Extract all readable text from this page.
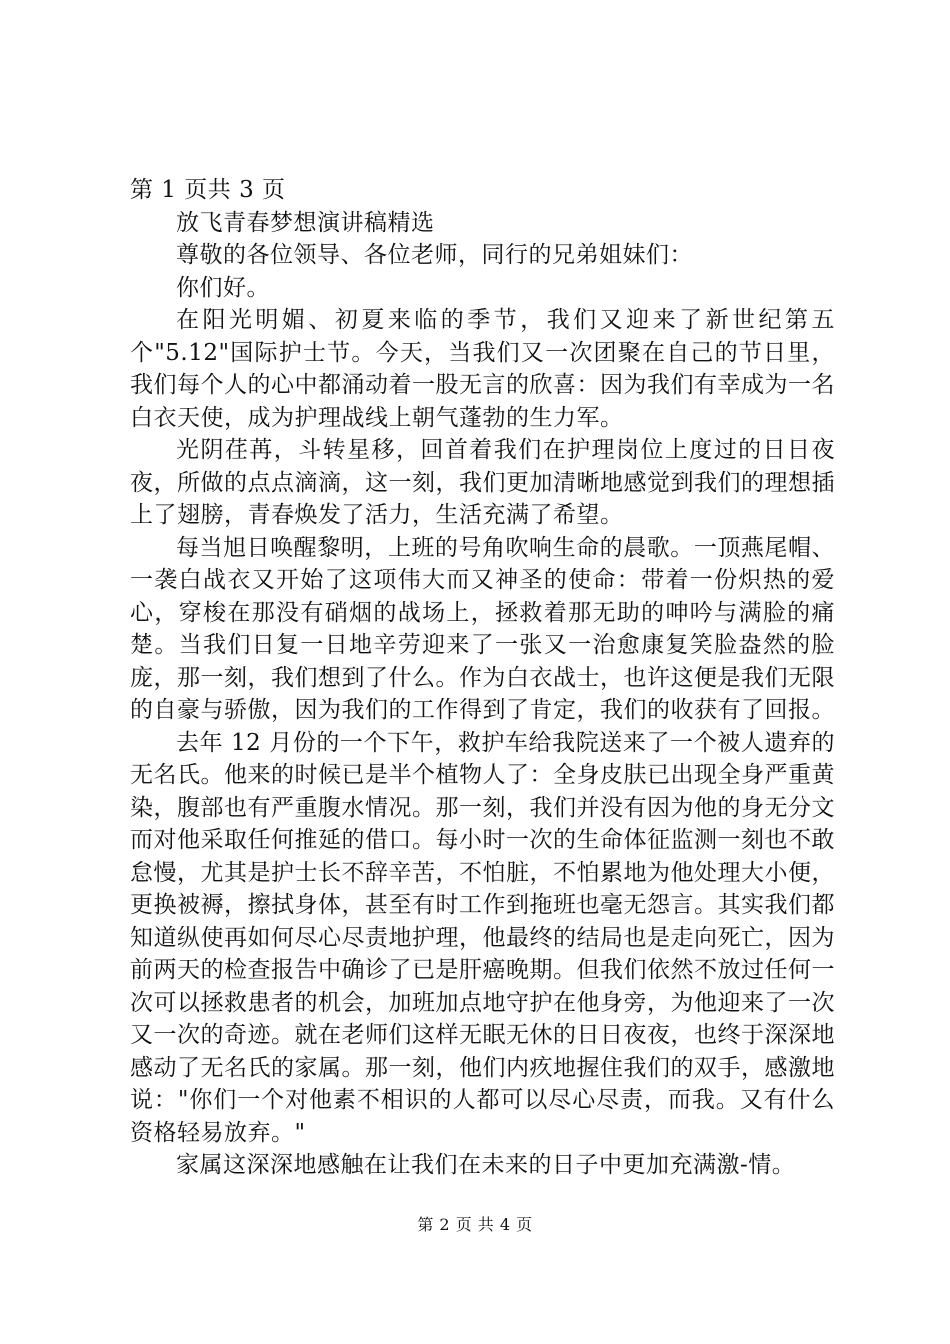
第 1 页共 3 页

放飞青春梦想演讲稿精选

尊敬的各位领导、各位老师，同行的兄弟姐妹们：

你们好。

在阳光明媚、初夏来临的季节，我们又迎来了新世纪第五个"5.12"国际护士节。今天，当我们又一次团聚在自己的节日里，我们每个人的心中都涌动着一股无言的欣喜：因为我们有幸成为一名白衣天使，成为护理战线上朝气蓬勃的生力军。

光阴荏苒，斗转星移，回首着我们在护理岗位上度过的日日夜夜，所做的点点滴滴，这一刻，我们更加清晰地感觉到我们的理想插上了翅膀，青春焕发了活力，生活充满了希望。

每当旭日唤醒黎明，上班的号角吹响生命的晨歌。一顶燕尾帽、一袭白战衣又开始了这项伟大而又神圣的使命：带着一份炽热的爱心，穿梭在那没有硝烟的战场上，拯救着那无助的呻吟与满脸的痛楚。当我们日复一日地辛劳迎来了一张又一治愈康复笑脸盎然的脸庞，那一刻，我们想到了什么。作为白衣战士，也许这便是我们无限的自豪与骄傲，因为我们的工作得到了肯定，我们的收获有了回报。

去年 12 月份的一个下午，救护车给我院送来了一个被人遗弃的无名氏。他来的时候已是半个植物人了：全身皮肤已出现全身严重黄染，腹部也有严重腹水情况。那一刻，我们并没有因为他的身无分文而对他采取任何推延的借口。每小时一次的生命体征监测一刻也不敢怠慢，尤其是护士长不辞辛苦，不怕脏，不怕累地为他处理大小便，更换被褥，擦拭身体，甚至有时工作到拖班也毫无怨言。其实我们都知道纵使再如何尽心尽责地护理，他最终的结局也是走向死亡，因为前两天的检查报告中确诊了已是肝癌晚期。但我们依然不放过任何一次可以拯救患者的机会，加班加点地守护在他身旁，为他迎来了一次又一次的奇迹。就在老师们这样无眠无休的日日夜夜，也终于深深地感动了无名氏的家属。那一刻，他们内疚地握住我们的双手，感激地说："你们一个对他素不相识的人都可以尽心尽责，而我。又有什么资格轻易放弃。"

家属这深深地感触在让我们在未来的日子中更加充满激-情。

第 2 页 共 4 页
